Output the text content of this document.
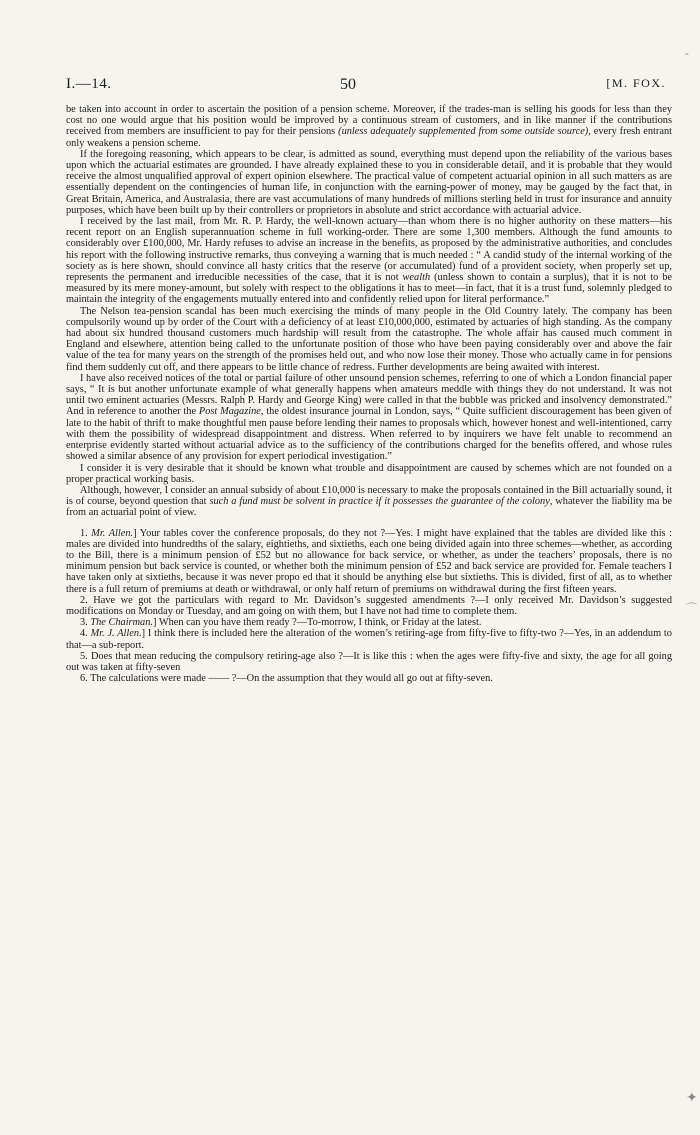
I.—14.	50	[M. FOX.

be taken into account in order to ascertain the position of a pension scheme. Moreover, if the trades-man is selling his goods for less than they cost no one would argue that his position would be improved by a continuous stream of customers, and in like manner if the contributions received from members are insufficient to pay for their pensions (unless adequately supplemented from some outside source), every fresh entrant only weakens a pension scheme.

If the foregoing reasoning, which appears to be clear, is admitted as sound, everything must depend upon the reliability of the various bases upon which the actuarial estimates are grounded. I have already explained these to you in considerable detail, and it is probable that they would receive the almost unqualified approval of expert opinion elsewhere. The practical value of competent actuarial opinion in all such matters as are essentially dependent on the contingencies of human life, in conjunction with the earning-power of money, may be gauged by the fact that, in Great Britain, America, and Australasia, there are vast accumulations of many hundreds of millions sterling held in trust for insurance and annuity purposes, which have been built up by their controllers or proprietors in absolute and strict accordance with actuarial advice.

I received by the last mail, from Mr. R. P. Hardy, the well-known actuary—than whom there is no higher authority on these matters—his recent report on an English superannuation scheme in full working-order. There are some 1,300 members. Although the fund amounts to considerably over £100,000, Mr. Hardy refuses to advise an increase in the benefits, as proposed by the administrative authorities, and concludes his report with the following instructive remarks, thus conveying a warning that is much needed : “ A candid study of the internal working of the society as is here shown, should convince all hasty critics that the reserve (or accumulated) fund of a provident society, when properly set up, represents the permanent and irreducible necessities of the case, that it is not wealth (unless shown to contain a surplus), that it is not to be measured by its mere money-amount, but solely with respect to the obligations it has to meet—in fact, that it is a trust fund, solemnly pledged to maintain the integrity of the engagements mutually entered into and confidently relied upon for literal performance.”

The Nelson tea-pension scandal has been much exercising the minds of many people in the Old Country lately. The company has been compulsorily wound up by order of the Court with a deficiency of at least £10,000,000, estimated by actuaries of high standing. As the company had about six hundred thousand customers much hardship will result from the catastrophe. The whole affair has caused much comment in England and elsewhere, attention being called to the unfortunate position of those who have been paying considerably over and above the fair value of the tea for many years on the strength of the promises held out, and who now lose their money. Those who actually came in for pensions find them suddenly cut off, and there appears to be little chance of redress. Further developments are being awaited with interest.

I have also received notices of the total or partial failure of other unsound pension schemes, referring to one of which a London financial paper says, “ It is but another unfortunate example of what generally happens when amateurs meddle with things they do not understand. It was not until two eminent actuaries (Messrs. Ralph P. Hardy and George King) were called in that the bubble was pricked and insolvency demonstrated.” And in reference to another the Post Magazine, the oldest insurance journal in London, says, “ Quite sufficient discouragement has been given of late to the habit of thrift to make thoughtful men pause before lending their names to proposals which, however honest and well-intentioned, carry with them the possibility of widespread disappointment and distress. When referred to by inquirers we have felt unable to recommend an enterprise evidently started without actuarial advice as to the sufficiency of the contributions charged for the benefits offered, and whose rules showed a similar absence of any provision for expert periodical investigation.”

I consider it is very desirable that it should be known what trouble and disappointment are caused by schemes which are not founded on a proper practical working basis.

Although, however, I consider an annual subsidy of about £10,000 is necessary to make the proposals contained in the Bill actuarially sound, it is of course, beyond question that such a fund must be solvent in practice if it possesses the guarantee of the colony, whatever the liability ma be from an actuarial point of view.

1. Mr. Allen.] Your tables cover the conference proposals, do they not ?—Yes. I might have explained that the tables are divided like this : males are divided into hundredths of the salary, eightieths, and sixtieths, each one being divided again into three schemes—whether, as according to the Bill, there is a minimum pension of £52 but no allowance for back service, or whether, as under the teachers’ proposals, there is no minimum pension but back service is counted, or whether both the minimum pension of £52 and back service are provided for. Female teachers I have taken only at sixtieths, because it was never propo ed that it should be anything else but sixtieths. This is divided, first of all, as to whether there is a full return of premiums at death or withdrawal, or only half return of premiums on withdrawal during the first fifteen years.

2. Have we got the particulars with regard to Mr. Davidson’s suggested amendments ?—I only received Mr. Davidson’s suggested modifications on Monday or Tuesday, and am going on with them, but I have not had time to complete them.

3. The Chairman.] When can you have them ready ?—To-morrow, I think, or Friday at the latest.

4. Mr. J. Allen.] I think there is included here the alteration of the women’s retiring-age from fifty-five to fifty-two ?—Yes, in an addendum to that—a sub-report.

5. Does that mean reducing the compulsory retiring-age also ?—It is like this : when the ages were fifty-five and sixty, the age for all going out was taken at fifty-seven

6. The calculations were made —— ?—On the assumption that they would all go out at fifty-seven.

ˉ
⌒
✦
